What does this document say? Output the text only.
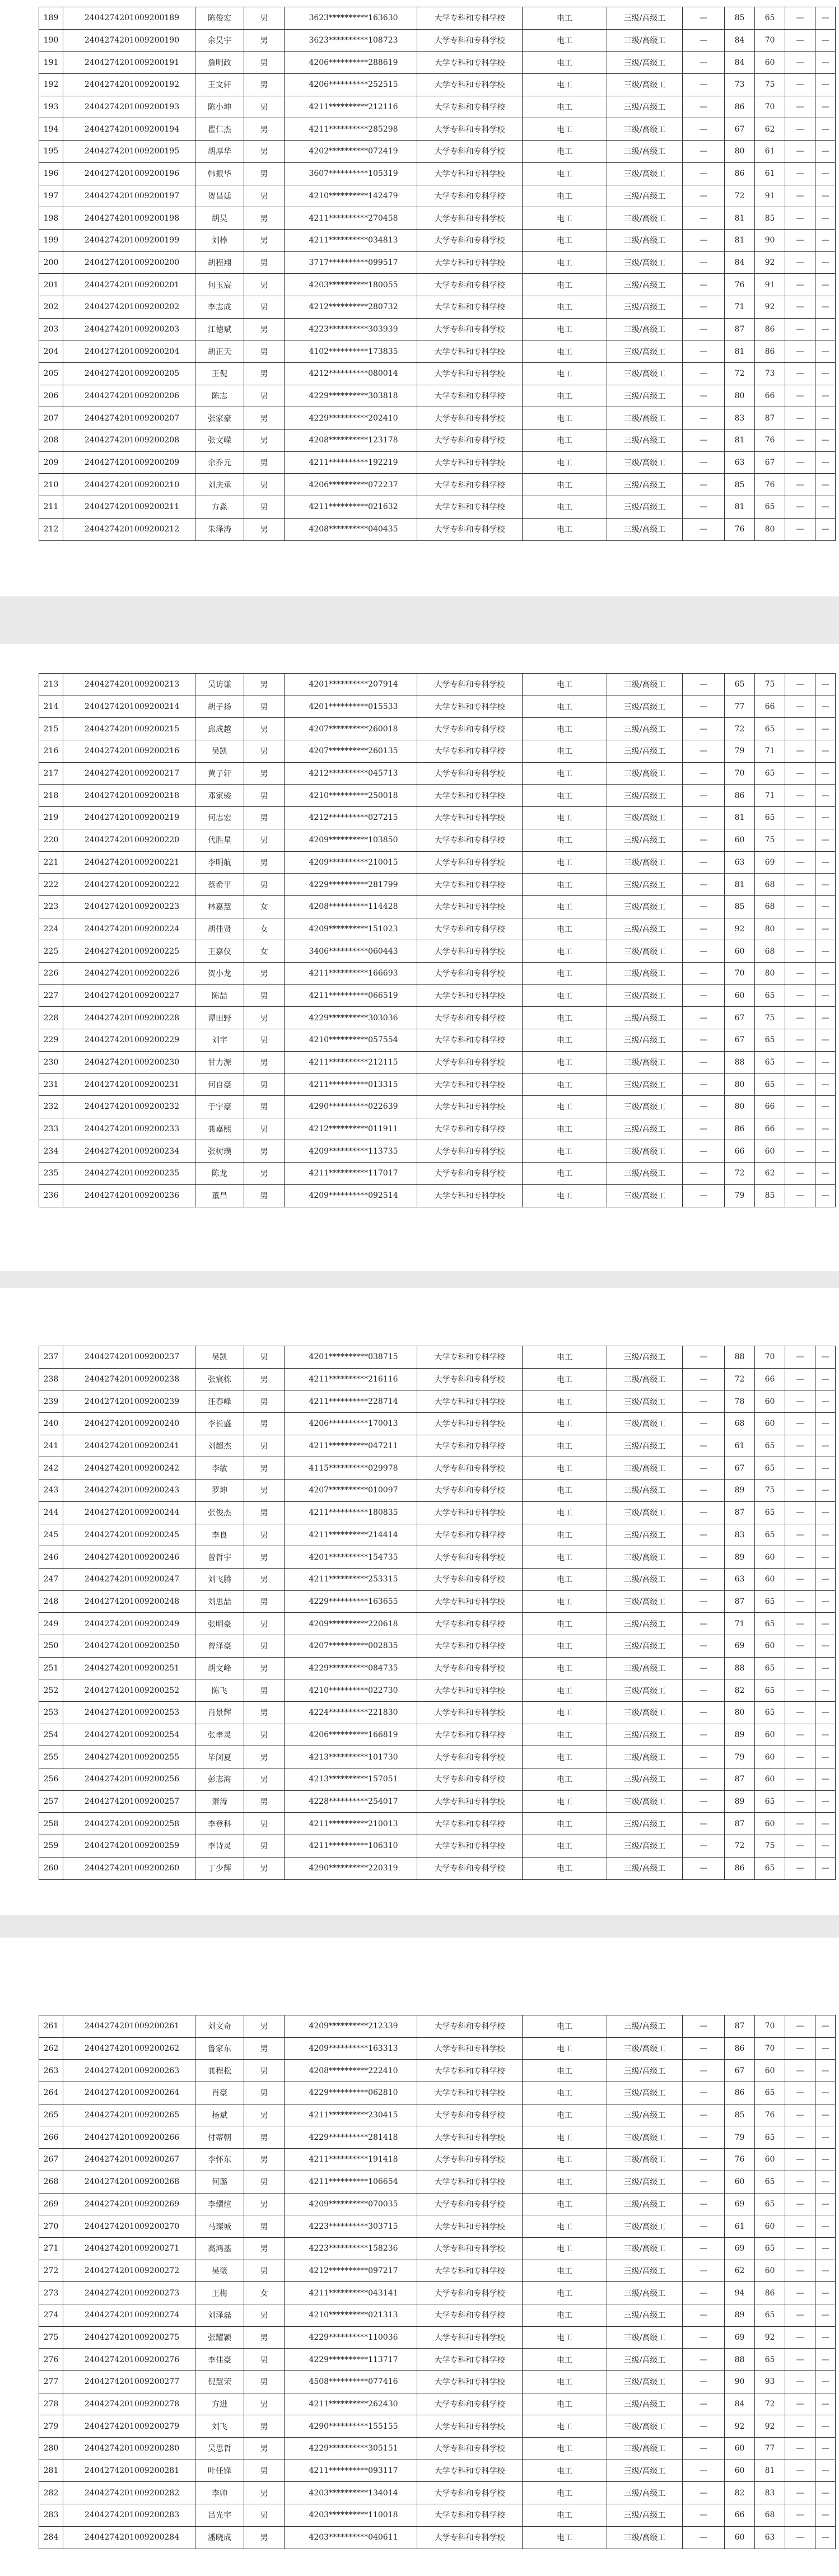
189	2404274201009200189	陈俊宏	男	3623**********163630	大学专科和专科学校	电工	三级/高级工	—	85	65	—	—
190	2404274201009200190	余昊宇	男	3623**********108723	大学专科和专科学校	电工	三级/高级工	—	84	70	—	—
191	2404274201009200191	詹明政	男	4206**********288619	大学专科和专科学校	电工	三级/高级工	—	84	60	—	—
192	2404274201009200192	王文轩	男	4206**********252515	大学专科和专科学校	电工	三级/高级工	—	73	75	—	—
193	2404274201009200193	陈小坤	男	4211**********212116	大学专科和专科学校	电工	三级/高级工	—	86	70	—	—
194	2404274201009200194	瞿仁杰	男	4211**********285298	大学专科和专科学校	电工	三级/高级工	—	67	62	—	—
195	2404274201009200195	胡厚华	男	4202**********072419	大学专科和专科学校	电工	三级/高级工	—	80	61	—	—
196	2404274201009200196	韩振华	男	3607**********105319	大学专科和专科学校	电工	三级/高级工	—	86	61	—	—
197	2404274201009200197	贺昌廷	男	4210**********142479	大学专科和专科学校	电工	三级/高级工	—	72	91	—	—
198	2404274201009200198	胡昊	男	4211**********270458	大学专科和专科学校	电工	三级/高级工	—	81	85	—	—
199	2404274201009200199	刘棒	男	4211**********034813	大学专科和专科学校	电工	三级/高级工	—	81	90	—	—
200	2404274201009200200	胡程翔	男	3717**********099517	大学专科和专科学校	电工	三级/高级工	—	84	92	—	—
201	2404274201009200201	何玉宸	男	4203**********180055	大学专科和专科学校	电工	三级/高级工	—	76	91	—	—
202	2404274201009200202	李志成	男	4212**********280732	大学专科和专科学校	电工	三级/高级工	—	71	92	—	—
203	2404274201009200203	江德斌	男	4223**********303939	大学专科和专科学校	电工	三级/高级工	—	87	86	—	—
204	2404274201009200204	胡正天	男	4102**********173835	大学专科和专科学校	电工	三级/高级工	—	81	86	—	—
205	2404274201009200205	王倪	男	4212**********080014	大学专科和专科学校	电工	三级/高级工	—	72	73	—	—
206	2404274201009200206	陈志	男	4229**********303818	大学专科和专科学校	电工	三级/高级工	—	80	66	—	—
207	2404274201009200207	张家豪	男	4229**********202410	大学专科和专科学校	电工	三级/高级工	—	83	87	—	—
208	2404274201009200208	张文嵘	男	4208**********123178	大学专科和专科学校	电工	三级/高级工	—	81	76	—	—
209	2404274201009200209	余乔元	男	4211**********192219	大学专科和专科学校	电工	三级/高级工	—	63	67	—	—
210	2404274201009200210	刘庆承	男	4206**********072237	大学专科和专科学校	电工	三级/高级工	—	85	76	—	—
211	2404274201009200211	方淼	男	4211**********021632	大学专科和专科学校	电工	三级/高级工	—	81	65	—	—
212	2404274201009200212	朱泽涛	男	4208**********040435	大学专科和专科学校	电工	三级/高级工	—	76	80	—	—
213	2404274201009200213	吴访谦	男	4201**********207914	大学专科和专科学校	电工	三级/高级工	—	65	75	—	—
214	2404274201009200214	胡子扬	男	4201**********015533	大学专科和专科学校	电工	三级/高级工	—	77	66	—	—
215	2404274201009200215	邱成越	男	4207**********260018	大学专科和专科学校	电工	三级/高级工	—	72	65	—	—
216	2404274201009200216	吴凯	男	4207**********260135	大学专科和专科学校	电工	三级/高级工	—	79	71	—	—
217	2404274201009200217	黄子轩	男	4212**********045713	大学专科和专科学校	电工	三级/高级工	—	70	65	—	—
218	2404274201009200218	邓家骏	男	4210**********250018	大学专科和专科学校	电工	三级/高级工	—	86	71	—	—
219	2404274201009200219	何志宏	男	4212**********027215	大学专科和专科学校	电工	三级/高级工	—	81	65	—	—
220	2404274201009200220	代胜星	男	4209**********103850	大学专科和专科学校	电工	三级/高级工	—	60	75	—	—
221	2404274201009200221	李明航	男	4209**********210015	大学专科和专科学校	电工	三级/高级工	—	63	69	—	—
222	2404274201009200222	蔡希平	男	4229**********281799	大学专科和专科学校	电工	三级/高级工	—	81	68	—	—
223	2404274201009200223	林嘉慧	女	4208**********114428	大学专科和专科学校	电工	三级/高级工	—	85	68	—	—
224	2404274201009200224	胡佳贤	女	4209**********151023	大学专科和专科学校	电工	三级/高级工	—	92	80	—	—
225	2404274201009200225	王嘉仪	女	3406**********060443	大学专科和专科学校	电工	三级/高级工	—	60	68	—	—
226	2404274201009200226	贺小龙	男	4211**********166693	大学专科和专科学校	电工	三级/高级工	—	70	80	—	—
227	2404274201009200227	陈喆	男	4211**********066519	大学专科和专科学校	电工	三级/高级工	—	60	65	—	—
228	2404274201009200228	谭田野	男	4229**********303036	大学专科和专科学校	电工	三级/高级工	—	67	75	—	—
229	2404274201009200229	刘宇	男	4210**********057554	大学专科和专科学校	电工	三级/高级工	—	67	65	—	—
230	2404274201009200230	甘力源	男	4211**********212115	大学专科和专科学校	电工	三级/高级工	—	88	65	—	—
231	2404274201009200231	何自豪	男	4211**********013315	大学专科和专科学校	电工	三级/高级工	—	80	65	—	—
232	2404274201009200232	于宇豪	男	4290**********022639	大学专科和专科学校	电工	三级/高级工	—	80	66	—	—
233	2404274201009200233	龚嘉熙	男	4212**********011911	大学专科和专科学校	电工	三级/高级工	—	86	66	—	—
234	2404274201009200234	张树璞	男	4209**********113735	大学专科和专科学校	电工	三级/高级工	—	66	60	—	—
235	2404274201009200235	陈龙	男	4211**********117017	大学专科和专科学校	电工	三级/高级工	—	72	62	—	—
236	2404274201009200236	董昌	男	4209**********092514	大学专科和专科学校	电工	三级/高级工	—	79	85	—	—
237	2404274201009200237	吴凯	男	4201**********038715	大学专科和专科学校	电工	三级/高级工	—	88	70	—	—
238	2404274201009200238	张宸栋	男	4211**********216116	大学专科和专科学校	电工	三级/高级工	—	72	66	—	—
239	2404274201009200239	汪春峰	男	4211**********228714	大学专科和专科学校	电工	三级/高级工	—	78	60	—	—
240	2404274201009200240	李长盛	男	4206**********170013	大学专科和专科学校	电工	三级/高级工	—	68	60	—	—
241	2404274201009200241	刘超杰	男	4211**********047211	大学专科和专科学校	电工	三级/高级工	—	61	65	—	—
242	2404274201009200242	李敏	男	4115**********029978	大学专科和专科学校	电工	三级/高级工	—	67	65	—	—
243	2404274201009200243	罗坤	男	4207**********010097	大学专科和专科学校	电工	三级/高级工	—	89	75	—	—
244	2404274201009200244	张俊杰	男	4211**********180835	大学专科和专科学校	电工	三级/高级工	—	87	65	—	—
245	2404274201009200245	李良	男	4211**********214414	大学专科和专科学校	电工	三级/高级工	—	83	65	—	—
246	2404274201009200246	曾哲宇	男	4201**********154735	大学专科和专科学校	电工	三级/高级工	—	89	60	—	—
247	2404274201009200247	刘飞腾	男	4211**********253315	大学专科和专科学校	电工	三级/高级工	—	63	60	—	—
248	2404274201009200248	刘思喆	男	4229**********163655	大学专科和专科学校	电工	三级/高级工	—	87	65	—	—
249	2404274201009200249	张明豪	男	4209**********220618	大学专科和专科学校	电工	三级/高级工	—	71	65	—	—
250	2404274201009200250	曾泽豪	男	4207**********002835	大学专科和专科学校	电工	三级/高级工	—	69	60	—	—
251	2404274201009200251	胡文峰	男	4229**********084735	大学专科和专科学校	电工	三级/高级工	—	88	65	—	—
252	2404274201009200252	陈飞	男	4210**********022730	大学专科和专科学校	电工	三级/高级工	—	82	65	—	—
253	2404274201009200253	肖景辉	男	4224**********221830	大学专科和专科学校	电工	三级/高级工	—	80	65	—	—
254	2404274201009200254	张孝灵	男	4206**********166819	大学专科和专科学校	电工	三级/高级工	—	89	60	—	—
255	2404274201009200255	毕闵夏	男	4213**********101730	大学专科和专科学校	电工	三级/高级工	—	79	60	—	—
256	2404274201009200256	彭志海	男	4213**********157051	大学专科和专科学校	电工	三级/高级工	—	87	60	—	—
257	2404274201009200257	萧涛	男	4228**********254017	大学专科和专科学校	电工	三级/高级工	—	89	65	—	—
258	2404274201009200258	李登科	男	4211**********210013	大学专科和专科学校	电工	三级/高级工	—	87	60	—	—
259	2404274201009200259	李诗灵	男	4211**********106310	大学专科和专科学校	电工	三级/高级工	—	72	75	—	—
260	2404274201009200260	丁少辉	男	4290**********220319	大学专科和专科学校	电工	三级/高级工	—	86	65	—	—
261	2404274201009200261	刘文奇	男	4209**********212339	大学专科和专科学校	电工	三级/高级工	—	87	70	—	—
262	2404274201009200262	鲁家东	男	4209**********163313	大学专科和专科学校	电工	三级/高级工	—	86	70	—	—
263	2404274201009200263	龚程松	男	4208**********222410	大学专科和专科学校	电工	三级/高级工	—	67	60	—	—
264	2404274201009200264	肖豪	男	4229**********062810	大学专科和专科学校	电工	三级/高级工	—	86	65	—	—
265	2404274201009200265	杨斌	男	4211**********230415	大学专科和专科学校	电工	三级/高级工	—	85	76	—	—
266	2404274201009200266	付蒂朝	男	4229**********281418	大学专科和专科学校	电工	三级/高级工	—	79	65	—	—
267	2404274201009200267	李怀东	男	4211**********191418	大学专科和专科学校	电工	三级/高级工	—	76	60	—	—
268	2404274201009200268	何璐	男	4211**********106654	大学专科和专科学校	电工	三级/高级工	—	60	65	—	—
269	2404274201009200269	李熠煊	男	4209**********070035	大学专科和专科学校	电工	三级/高级工	—	69	65	—	—
270	2404274201009200270	马璨城	男	4223**********303715	大学专科和专科学校	电工	三级/高级工	—	61	60	—	—
271	2404274201009200271	高鸿基	男	4223**********158236	大学专科和专科学校	电工	三级/高级工	—	69	65	—	—
272	2404274201009200272	吴薇	男	4212**********097217	大学专科和专科学校	电工	三级/高级工	—	62	60	—	—
273	2404274201009200273	王梅	女	4211**********043141	大学专科和专科学校	电工	三级/高级工	—	94	86	—	—
274	2404274201009200274	刘泽磊	男	4210**********021313	大学专科和专科学校	电工	三级/高级工	—	89	65	—	—
275	2404274201009200275	张耀颖	男	4229**********110036	大学专科和专科学校	电工	三级/高级工	—	69	92	—	—
276	2404274201009200276	李佳豪	男	4229**********113717	大学专科和专科学校	电工	三级/高级工	—	88	65	—	—
277	2404274201009200277	倪慧荣	男	4508**********077416	大学专科和专科学校	电工	三级/高级工	—	90	93	—	—
278	2404274201009200278	方进	男	4211**********262430	大学专科和专科学校	电工	三级/高级工	—	84	72	—	—
279	2404274201009200279	刘飞	男	4290**********155155	大学专科和专科学校	电工	三级/高级工	—	92	92	—	—
280	2404274201009200280	吴思哲	男	4229**********305151	大学专科和专科学校	电工	三级/高级工	—	60	77	—	—
281	2404274201009200281	叶任锋	男	4211**********093117	大学专科和专科学校	电工	三级/高级工	—	60	81	—	—
282	2404274201009200282	李帅	男	4203**********134014	大学专科和专科学校	电工	三级/高级工	—	82	83	—	—
283	2404274201009200283	吕光宇	男	4203**********110018	大学专科和专科学校	电工	三级/高级工	—	66	68	—	—
284	2404274201009200284	潘晓成	男	4203**********040611	大学专科和专科学校	电工	三级/高级工	—	60	63	—	—
